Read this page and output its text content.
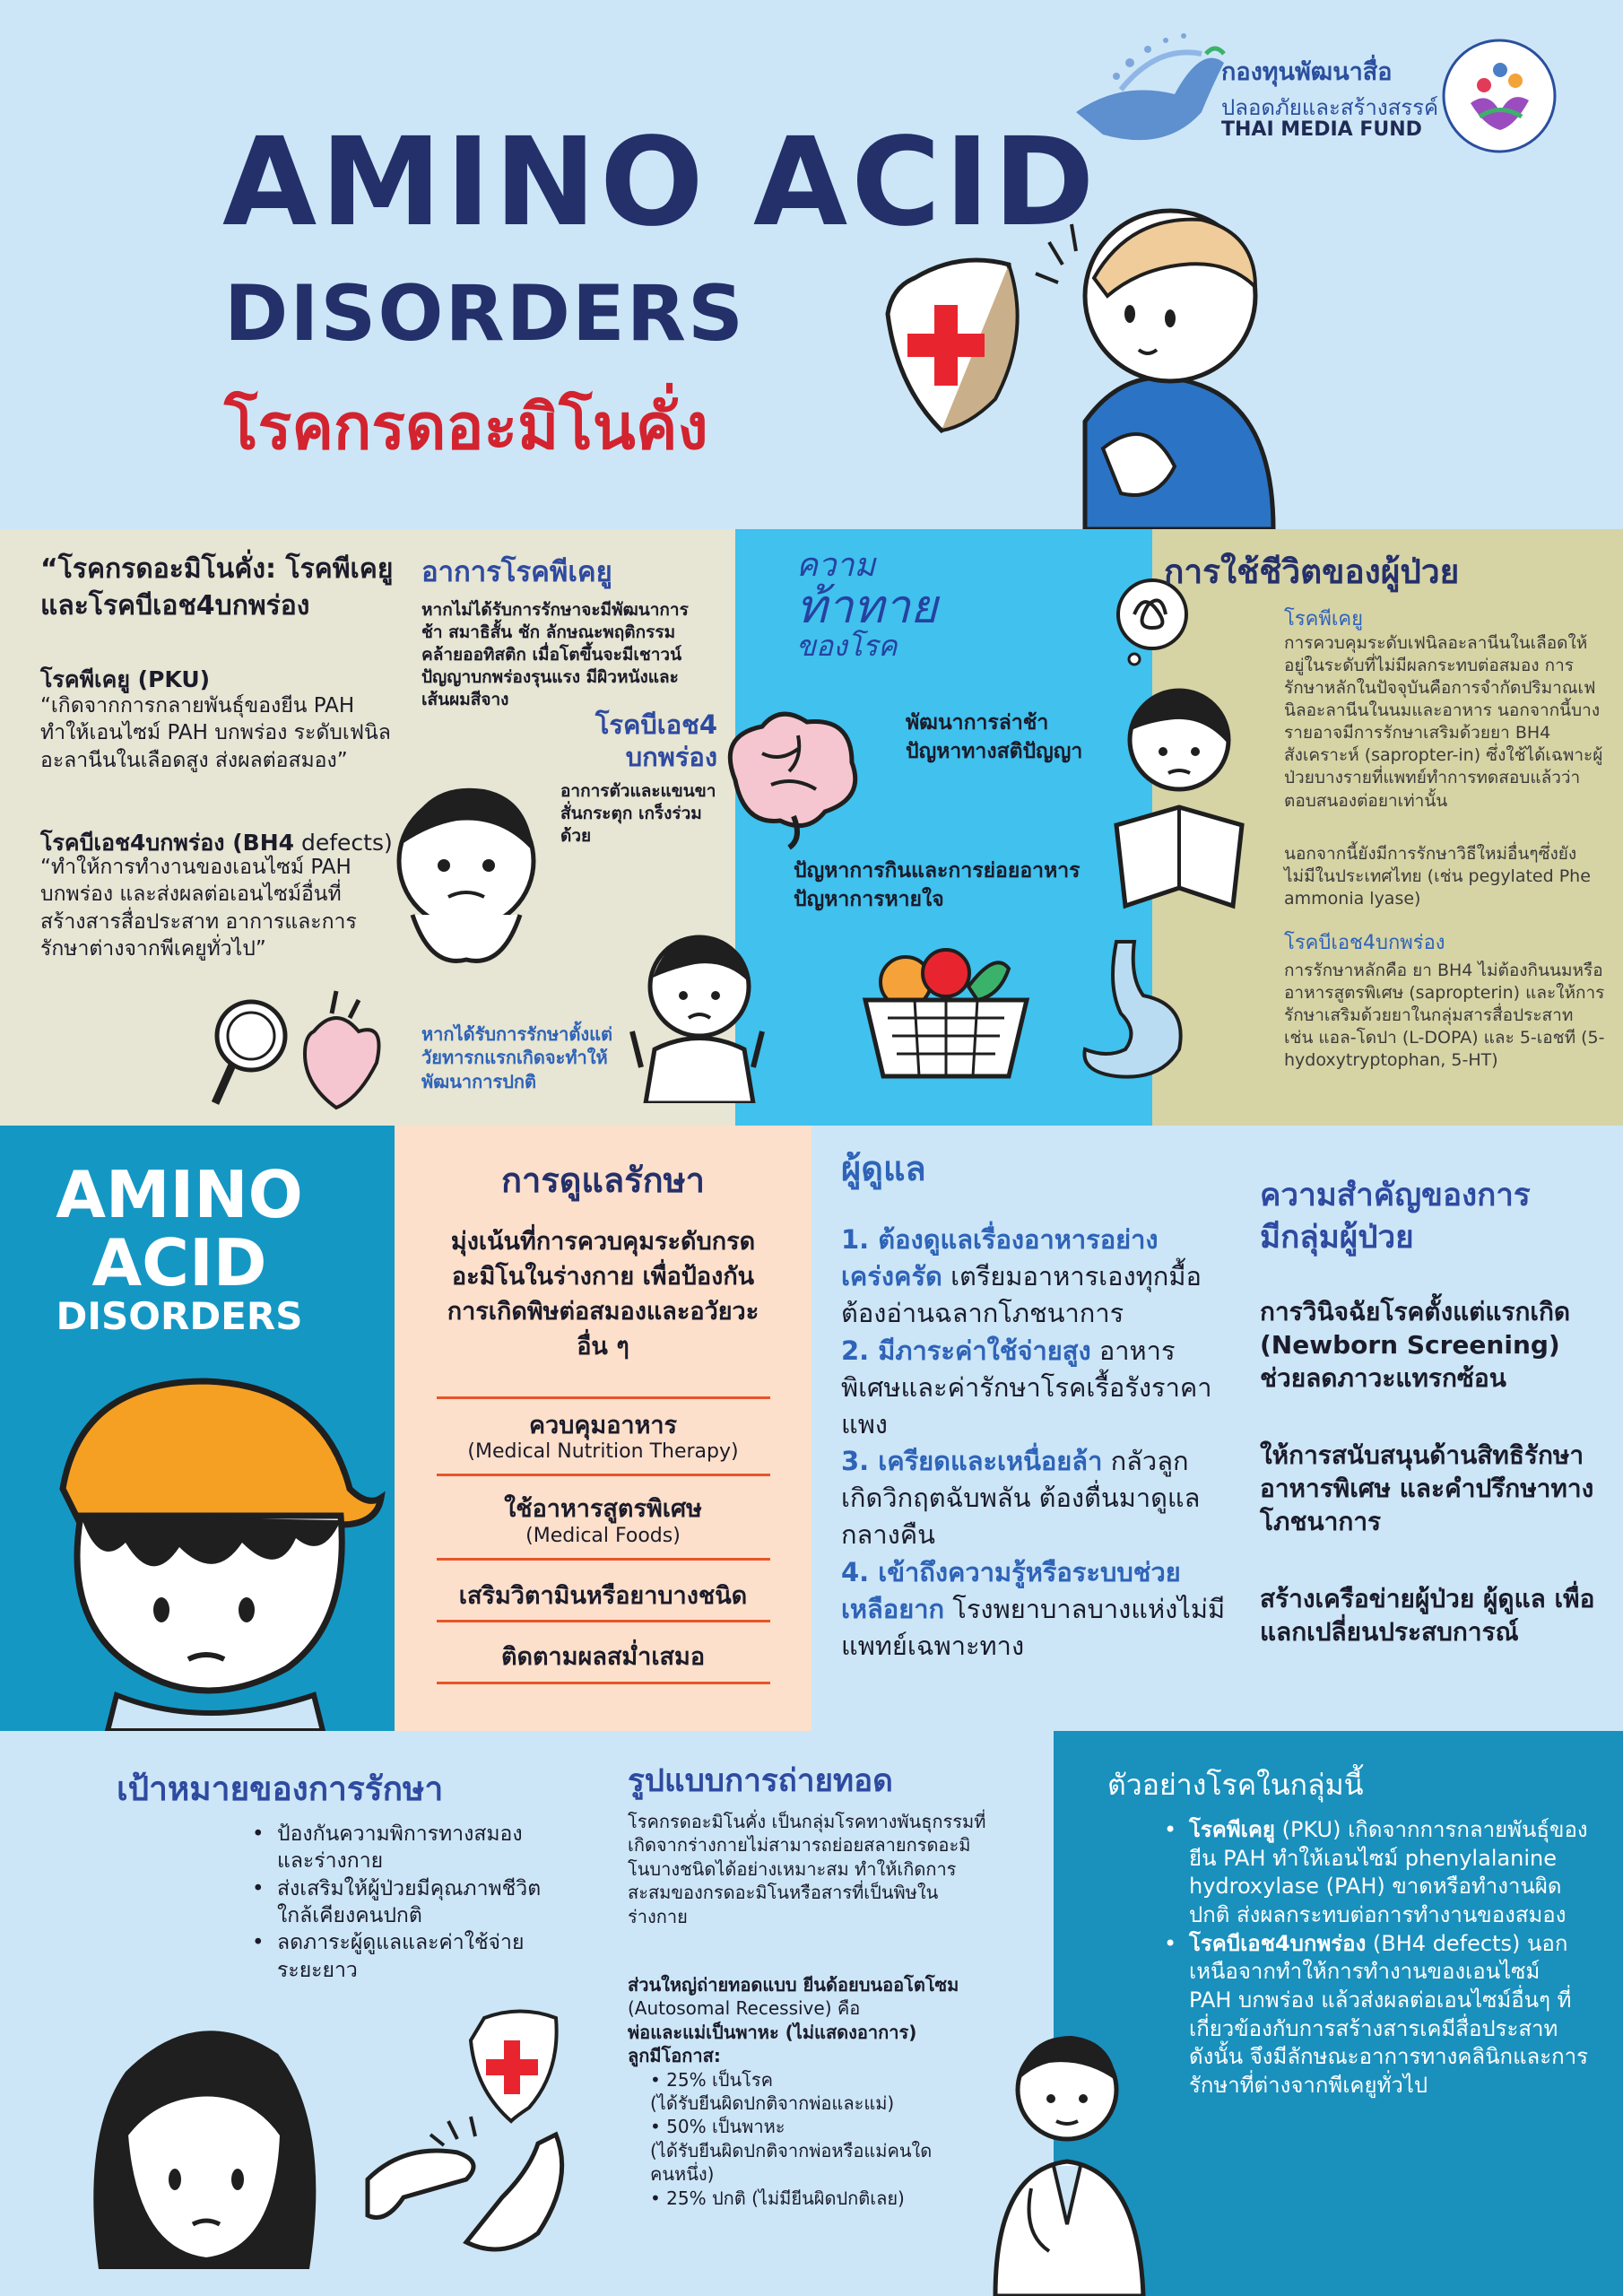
AMINO ACID
DISORDERS
โรคกรดอะมิโนคั่ง
กองทุนพัฒนาสื่อ
ปลอดภัยและสร้างสรรค์
THAI MEDIA FUND
“โรคกรดอะมิโนคั่ง: โรคพีเคยู
และโรคบีเอช4บกพร่อง
โรคพีเคยู (PKU)
“เกิดจากการกลายพันธุ์ของยีน PAH ทำให้เอนไซม์ PAH บกพร่อง ระดับเฟนิลอะลานีนในเลือดสูง ส่งผลต่อสมอง”
โรคบีเอช4บกพร่อง (BH4 defects)
“ทำให้การทำงานของเอนไซม์ PAH บกพร่อง และส่งผลต่อเอนไซม์อื่นที่สร้างสารสื่อประสาท อาการและการรักษาต่างจากพีเคยูทั่วไป”
อาการโรคพีเคยู
หากไม่ได้รับการรักษาจะมีพัฒนาการช้า สมาธิสั้น ชัก ลักษณะพฤติกรรมคล้ายออทิสติก เมื่อโตขึ้นจะมีเชาวน์ปัญญาบกพร่องรุนแรง มีผิวหนังและเส้นผมสีจาง
โรคบีเอช4
บกพร่อง
อาการตัวและแขนขาสั่นกระตุก เกร็งร่วมด้วย
หากได้รับการรักษาตั้งแต่วัยทารกแรกเกิดจะทำให้พัฒนาการปกติ
ความ
ท้าทาย
ของโรค
พัฒนาการล่าช้า
ปัญหาทางสติปัญญา
ปัญหาการกินและการย่อยอาหาร
ปัญหาการหายใจ
การใช้ชีวิตของผู้ป่วย
โรคพีเคยู
การควบคุมระดับเฟนิลอะลานีนในเลือดให้อยู่ในระดับที่ไม่มีผลกระทบต่อสมอง การรักษาหลักในปัจจุบันคือการจำกัดปริมาณเฟนิลอะลานีนในนมและอาหาร นอกจากนี้บางรายอาจมีการรักษาเสริมด้วยยา BH4 สังเคราะห์ (sapropter-in) ซึ่งใช้ได้เฉพาะผู้ป่วยบางรายที่แพทย์ทำการทดสอบแล้วว่า ตอบสนองต่อยาเท่านั้น
นอกจากนี้ยังมีการรักษาวิธีใหม่อื่นๆซึ่งยังไม่มีในประเทศไทย (เช่น pegylated Phe ammonia lyase)
โรคบีเอช4บกพร่อง
การรักษาหลักคือ ยา BH4 ไม่ต้องกินนมหรืออาหารสูตรพิเศษ (sapropterin) และให้การรักษาเสริมด้วยยาในกลุ่มสารสื่อประสาท เช่น แอล-โดปา (L-DOPA) และ 5-เอชที (5-hydoxytryptophan, 5-HT)
AMINO
ACID
DISORDERS
การดูแลรักษา
มุ่งเน้นที่การควบคุมระดับกรดอะมิโนในร่างกาย เพื่อป้องกันการเกิดพิษต่อสมองและอวัยวะอื่น ๆ
ควบคุมอาหาร
(Medical Nutrition Therapy)
ใช้อาหารสูตรพิเศษ
(Medical Foods)
เสริมวิตามินหรือยาบางชนิด
ติดตามผลสม่ำเสมอ
ผู้ดูแล

1. ต้องดูแลเรื่องอาหารอย่างเคร่งครัด เตรียมอาหารเองทุกมื้อ ต้องอ่านฉลากโภชนาการ

2. มีภาระค่าใช้จ่ายสูง อาหารพิเศษและค่ารักษาโรคเรื้อรังราคาแพง

3. เครียดและเหนื่อยล้า กลัวลูกเกิดวิกฤตฉับพลัน ต้องตื่นมาดูแลกลางคืน

4. เข้าถึงความรู้หรือระบบช่วยเหลือยาก โรงพยาบาลบางแห่งไม่มีแพทย์เฉพาะทาง

ความสำคัญของการ
มีกลุ่มผู้ป่วย
การวินิจฉัยโรคตั้งแต่แรกเกิด (Newborn Screening) ช่วยลดภาวะแทรกซ้อน
ให้การสนับสนุนด้านสิทธิรักษา อาหารพิเศษ และคำปรึกษาทางโภชนาการ
สร้างเครือข่ายผู้ป่วย ผู้ดูแล เพื่อแลกเปลี่ยนประสบการณ์
เป้าหมายของการรักษา
• ป้องกันความพิการทางสมองและร่างกาย
• ส่งเสริมให้ผู้ป่วยมีคุณภาพชีวิตใกล้เคียงคนปกติ
• ลดภาระผู้ดูแลและค่าใช้จ่ายระยะยาว
รูปแบบการถ่ายทอด
โรคกรดอะมิโนคั่ง เป็นกลุ่มโรคทางพันธุกรรมที่เกิดจากร่างกายไม่สามารถย่อยสลายกรดอะมิโนบางชนิดได้อย่างเหมาะสม ทำให้เกิดการสะสมของกรดอะมิโนหรือสารที่เป็นพิษในร่างกาย
ส่วนใหญ่ถ่ายทอดแบบ ยีนด้อยบนออโตโซม
(Autosomal Recessive) คือ
พ่อและแม่เป็นพาหะ (ไม่แสดงอาการ)
ลูกมีโอกาส:
• 25% เป็นโรค
(ได้รับยีนผิดปกติจากพ่อและแม่)
• 50% เป็นพาหะ
(ได้รับยีนผิดปกติจากพ่อหรือแม่คนใดคนหนึ่ง)
• 25% ปกติ (ไม่มียีนผิดปกติเลย)
ตัวอย่างโรคในกลุ่มนี้
• โรคพีเคยู (PKU) เกิดจากการกลายพันธุ์ของยีน PAH ทำให้เอนไซม์ phenylalanine hydroxylase (PAH) ขาดหรือทำงานผิดปกติ ส่งผลกระทบต่อการทำงานของสมอง
• โรคบีเอช4บกพร่อง (BH4 defects) นอกเหนือจากทำให้การทำงานของเอนไซม์ PAH บกพร่อง แล้วส่งผลต่อเอนไซม์อื่นๆ ที่เกี่ยวข้องกับการสร้างสารเคมีสื่อประสาท ดังนั้น จึงมีลักษณะอาการทางคลินิกและการรักษาที่ต่างจากพีเคยูทั่วไป
